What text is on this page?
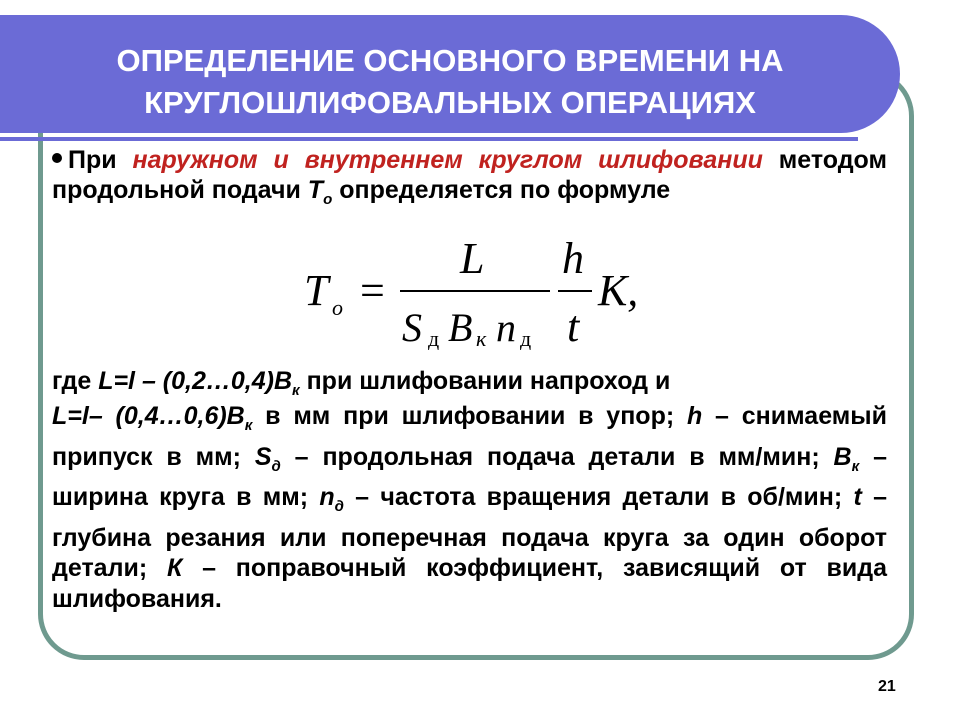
ОПРЕДЕЛЕНИЕ ОСНОВНОГО ВРЕМЕНИ НА
КРУГЛОШЛИФОВАЛЬНЫХ ОПЕРАЦИЯХ

При наружном и внутреннем круглом шлифовании методом продольной подачи $T_o$ определяется по формуле

T o =
L
S д B к n д
h
t
К,

где $L=l - (0,2\dots 0,4)B_к$ при шлифовании напроход и

L=l– $(0,4\dots 0,6)B_к$ в мм при шлифовании в упор; h – снимаемый припуск в мм; $S_д$ – продольная подача детали в мм/мин; $B_к$ – ширина круга в мм; $n_д$ – частота вращения детали в об/мин; t – глубина резания или поперечная подача круга за один оборот детали; К – поправочный коэффициент, зависящий от вида шлифования.

21
